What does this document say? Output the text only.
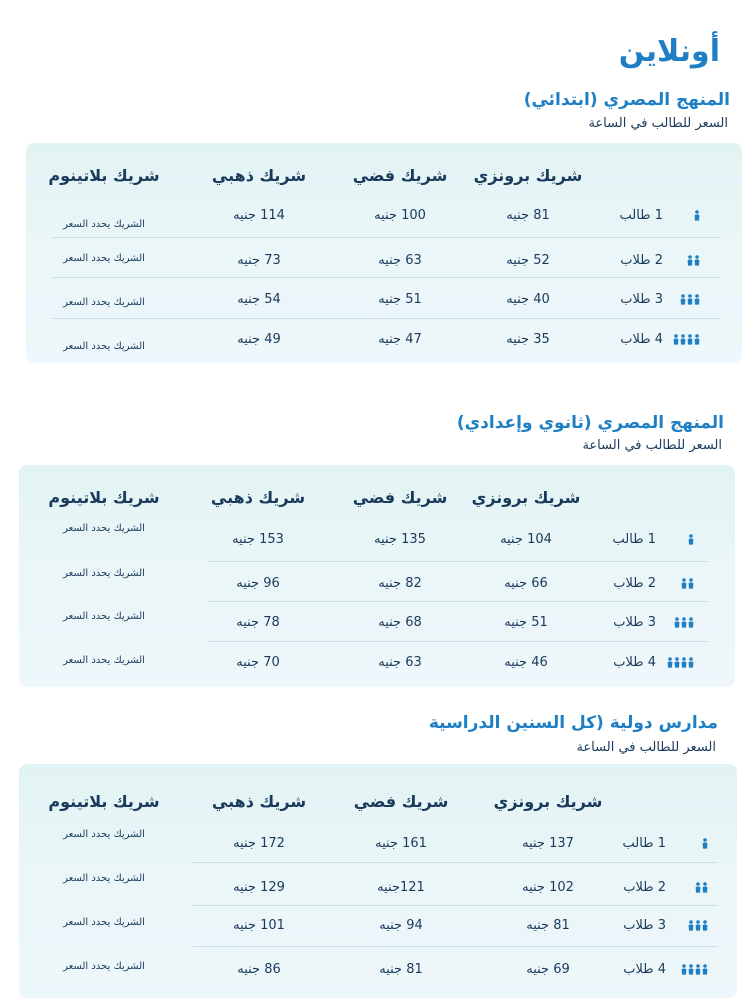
أونلاين
المنهج المصري (ابتدائي)
السعر للطالب في الساعة
شريك برونزي
شريك فضي
شريك ذهبي
شريك بلاتينوم
1 طالب
81 جنيه
100 جنيه
114 جنيه
الشريك يحدد السعر
2 طلاب
52 جنيه
63 جنيه
73 جنيه
الشريك يحدد السعر
3 طلاب
40 جنيه
51 جنيه
54 جنيه
الشريك يحدد السعر
4 طلاب
35 جنيه
47 جنيه
49 جنيه
الشريك يحدد السعر
المنهج المصري (ثانوي وإعدادي)
السعر للطالب في الساعة
شريك برونزي
شريك فضي
شريك ذهبي
شريك بلاتينوم
1 طالب
104 جنيه
135 جنيه
153 جنيه
الشريك يحدد السعر
2 طلاب
66 جنيه
82 جنيه
96 جنيه
الشريك يحدد السعر
3 طلاب
51 جنيه
68 جنيه
78 جنيه
الشريك يحدد السعر
4 طلاب
46 جنيه
63 جنيه
70 جنيه
الشريك يحدد السعر
مدارس دولية (كل السنين الدراسية
السعر للطالب في الساعة
شريك برونزي
شريك فضي
شريك ذهبي
شريك بلاتينوم
1 طالب
137 جنيه
161 جنيه
172 جنيه
الشريك يحدد السعر
2 طلاب
102 جنيه
121جنيه
129 جنيه
الشريك يحدد السعر
3 طلاب
81 جنيه
94 جنيه
101 جنيه
الشريك يحدد السعر
4 طلاب
69 جنيه
81 جنيه
86 جنيه
الشريك يحدد السعر
